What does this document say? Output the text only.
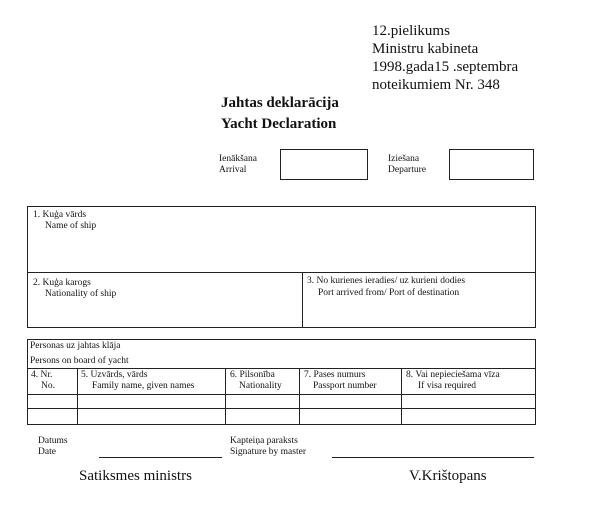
12.pielikums
Ministru kabineta
1998.gada15 .septembra
noteikumiem Nr. 348
Jahtas deklarācija
Yacht Declaration
Ienākšana
Arrival
Iziešana
Departure
1. Kuģa vārds
Name of ship
2. Kuģa karogs
Nationality of ship
3. No kurienes ieradies/ uz kurieni dodies
Port arrived from/ Port of destination
Personas uz jahtas klāja
Persons on board of yacht
4. Nr.
No.
5. Uzvārds, vārds
Family name, given names
6. Pilsonība
Nationality
7. Pases numurs
Passport number
8. Vai nepieciešama vīza
If visa required
Datums
Date
Kapteiņa paraksts
Signature by master
Satiksmes ministrs	V.Krištopans
